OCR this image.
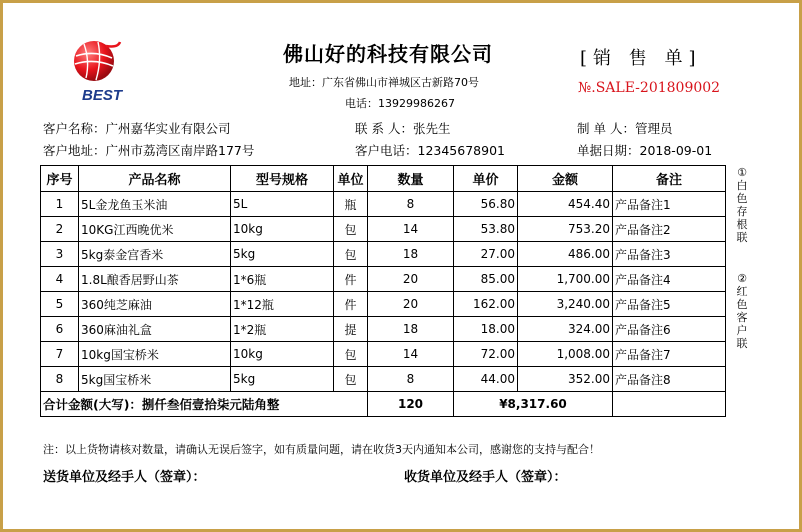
BEST
佛山好的科技有限公司
地址：广东省佛山市禅城区古新路70号
电话：13929986267
[销 售 单]
№.SALE-201809002
客户名称：广州嘉华实业有限公司	联 系 人：张先生	制 单 人：管理员
客户地址：广州市荔湾区南岸路177号	客户电话：12345678901	单据日期：2018-09-01
序号	产品名称	型号规格	单位	数量	单价	金额	备注
1	5L金龙鱼玉米油	5L	瓶	8	56.80	454.40	产品备注1
2	10KG江西晚优米	10kg	包	14	53.80	753.20	产品备注2
3	5kg泰金宫香米	5kg	包	18	27.00	486.00	产品备注3
4	1.8L酿香居野山茶	1*6瓶	件	20	85.00	1,700.00	产品备注4
5	360纯芝麻油	1*12瓶	件	20	162.00	3,240.00	产品备注5
6	360麻油礼盒	1*2瓶	提	18	18.00	324.00	产品备注6
7	10kg国宝桥米	10kg	包	14	72.00	1,008.00	产品备注7
8	5kg国宝桥米	5kg	包	8	44.00	352.00	产品备注8
合计金额(大写)：捌仟叁佰壹拾柒元陆角整				120	¥8,317.60		
①白色存根联
②红色客户联
注：以上货物请核对数量，请确认无误后签字，如有质量问题，请在收货3天内通知本公司，感谢您的支持与配合！
送货单位及经手人（签章）：	收货单位及经手人（签章）：
